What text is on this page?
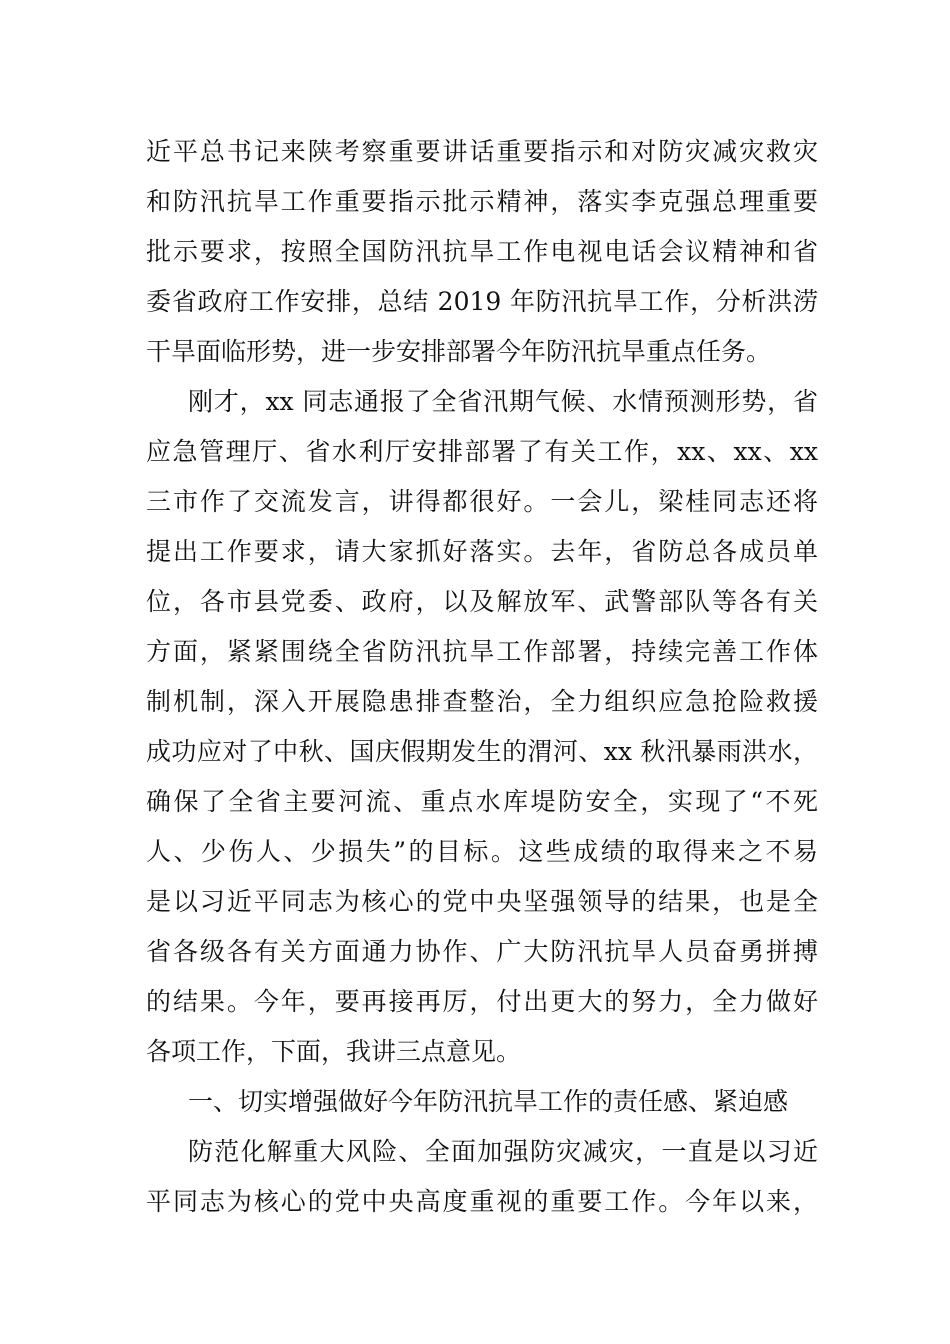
近平总书记来陕考察重要讲话重要指示和对防灾减灾救灾
和防汛抗旱工作重要指示批示精神，落实李克强总理重要
批示要求，按照全国防汛抗旱工作电视电话会议精神和省
委省政府工作安排，总结 2019 年防汛抗旱工作，分析洪涝
干旱面临形势，进一步安排部署今年防汛抗旱重点任务。
刚才，xx 同志通报了全省汛期气候、水情预测形势，省
应急管理厅、省水利厅安排部署了有关工作，xx、xx、xx
三市作了交流发言，讲得都很好。一会儿，梁桂同志还将
提出工作要求，请大家抓好落实。去年，省防总各成员单
位，各市县党委、政府，以及解放军、武警部队等各有关
方面，紧紧围绕全省防汛抗旱工作部署，持续完善工作体
制机制，深入开展隐患排查整治，全力组织应急抢险救援
成功应对了中秋、国庆假期发生的渭河、xx 秋汛暴雨洪水，
确保了全省主要河流、重点水库堤防安全，实现了“不死
人、少伤人、少损失”的目标。这些成绩的取得来之不易
是以习近平同志为核心的党中央坚强领导的结果，也是全
省各级各有关方面通力协作、广大防汛抗旱人员奋勇拼搏
的结果。今年，要再接再厉，付出更大的努力，全力做好
各项工作，下面，我讲三点意见。
一、切实增强做好今年防汛抗旱工作的责任感、紧迫感
防范化解重大风险、全面加强防灾减灾，一直是以习近
平同志为核心的党中央高度重视的重要工作。今年以来，
